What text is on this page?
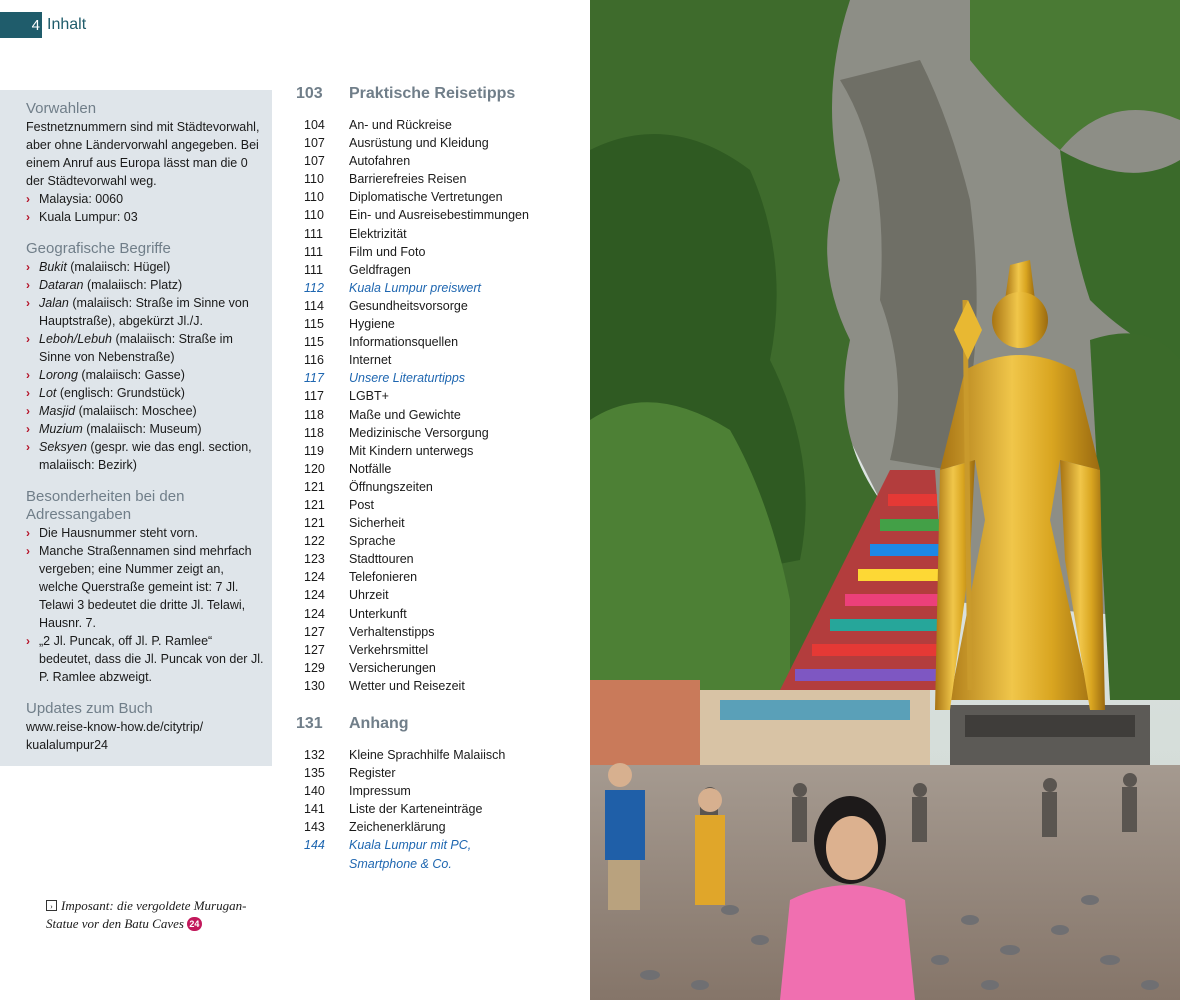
4 Inhalt

Vorwahlen

Festnetznummern sind mit Städtevorwahl, aber ohne Ländervorwahl angegeben. Bei einem Anruf aus Europa lässt man die 0 der Städtevorwahl weg.

› Malaysia: 0060
› Kuala Lumpur: 03

Geografische Begriffe

› Bukit (malaiisch: Hügel)
› Dataran (malaiisch: Platz)
› Jalan (malaiisch: Straße im Sinne von Hauptstraße), abgekürzt Jl./J.
› Leboh/Lebuh (malaiisch: Straße im Sinne von Nebenstraße)
› Lorong (malaiisch: Gasse)
› Lot (englisch: Grundstück)
› Masjid (malaiisch: Moschee)
› Muzium (malaiisch: Museum)
› Seksyen (gespr. wie das engl. section, malaiisch: Bezirk)

Besonderheiten bei den Adressangaben

› Die Hausnummer steht vorn.
› Manche Straßennamen sind mehrfach vergeben; eine Nummer zeigt an, welche Querstraße gemeint ist: 7 Jl. Telawi 3 bedeutet die dritte Jl. Telawi, Hausnr. 7.
› „2 Jl. Puncak, off Jl. P. Ramlee“ bedeutet, dass die Jl. Puncak von der Jl. P. Ramlee abzweigt.

Updates zum Buch

www.reise-know-how.de/citytrip/ kualalumpur24

› Imposant: die vergoldete Murugan-Statue vor den Batu Caves 24
103	Praktische Reisetipps
104	An- und Rückreise
107	Ausrüstung und Kleidung
107	Autofahren
110	Barrierefreies Reisen
110	Diplomatische Vertretungen
110	Ein- und Ausreisebestimmungen
111	Elektrizität
111	Film und Foto
111	Geldfragen
112	Kuala Lumpur preiswert
114	Gesundheitsvorsorge
115	Hygiene
115	Informationsquellen
116	Internet
117	Unsere Literaturtipps
117	LGBT+
118	Maße und Gewichte
118	Medizinische Versorgung
119	Mit Kindern unterwegs
120	Notfälle
121	Öffnungszeiten
121	Post
121	Sicherheit
122	Sprache
123	Stadttouren
124	Telefonieren
124	Uhrzeit
124	Unterkunft
127	Verhaltenstipps
127	Verkehrsmittel
129	Versicherungen
130	Wetter und Reisezeit
131	Anhang
132	Kleine Sprachhilfe Malaiisch
135	Register
140	Impressum
141	Liste der Karteneinträge
143	Zeichenerklärung
144	Kuala Lumpur mit PC, Smartphone & Co.
